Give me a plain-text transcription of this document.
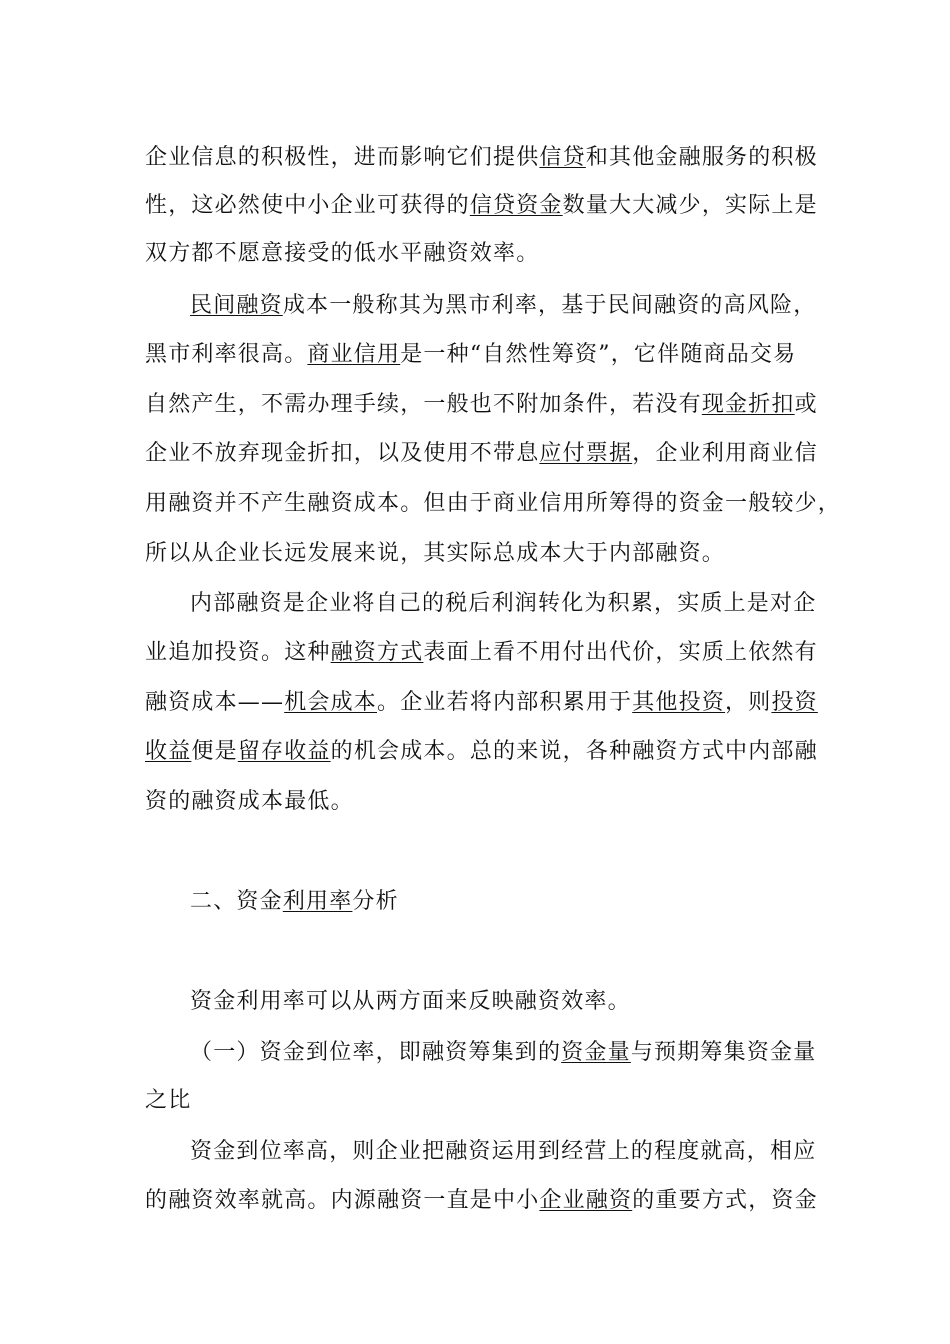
企业信息的积极性，进而影响它们提供信贷和其他金融服务的积极
性，这必然使中小企业可获得的信贷资金数量大大减少，实际上是
双方都不愿意接受的低水平融资效率。
民间融资成本一般称其为黑市利率，基于民间融资的高风险，
黑市利率很高。商业信用是一种“自然性筹资”，它伴随商品交易
自然产生，不需办理手续，一般也不附加条件，若没有现金折扣或
企业不放弃现金折扣，以及使用不带息应付票据，企业利用商业信
用融资并不产生融资成本。但由于商业信用所筹得的资金一般较少，
所以从企业长远发展来说，其实际总成本大于内部融资。
内部融资是企业将自己的税后利润转化为积累，实质上是对企
业追加投资。这种融资方式表面上看不用付出代价，实质上依然有
融资成本——机会成本。企业若将内部积累用于其他投资，则投资
收益便是留存收益的机会成本。总的来说，各种融资方式中内部融
资的融资成本最低。
二、资金利用率分析
资金利用率可以从两方面来反映融资效率。
（一）资金到位率，即融资筹集到的资金量与预期筹集资金量
之比
资金到位率高，则企业把融资运用到经营上的程度就高，相应
的融资效率就高。内源融资一直是中小企业融资的重要方式，资金
